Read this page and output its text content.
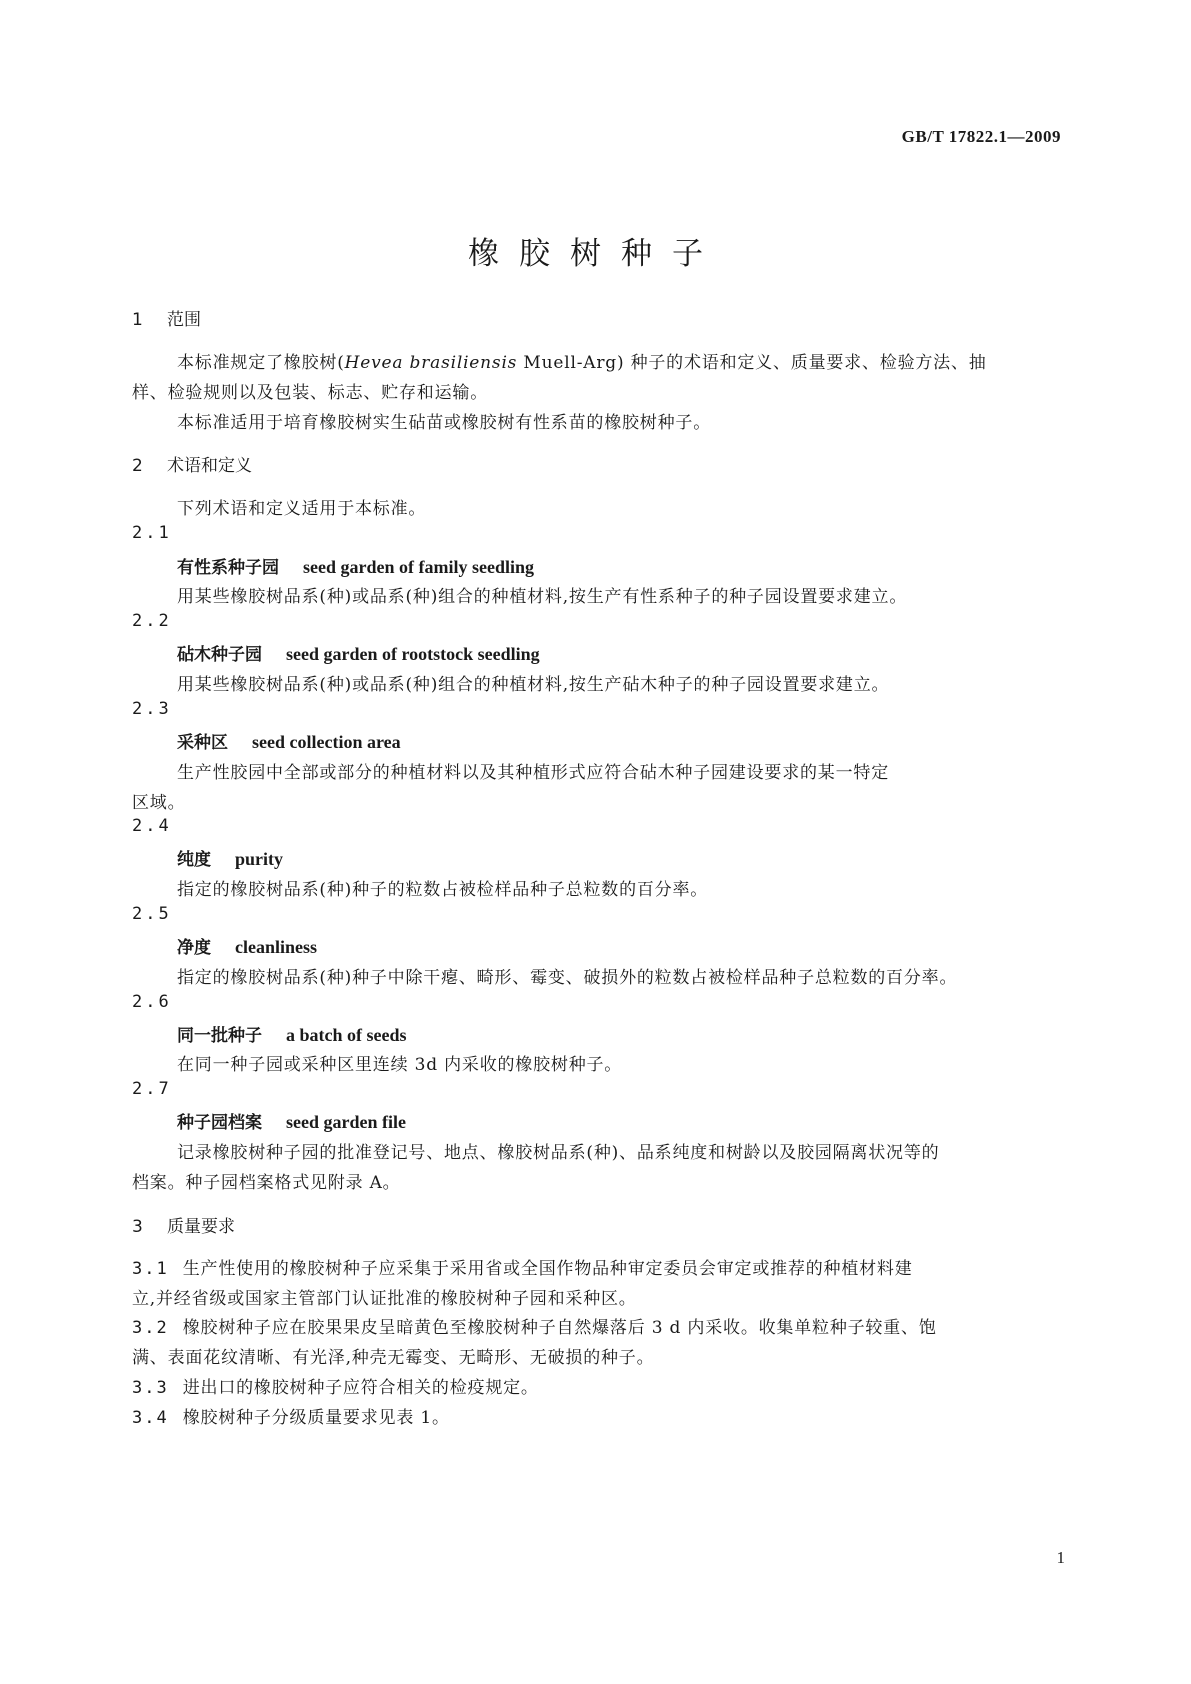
GB/T 17822.1—2009
橡胶树种子
1 范围
本标准规定了橡胶树(Hevea brasiliensis Muell-Arg) 种子的术语和定义、质量要求、检验方法、抽
样、检验规则以及包装、标志、贮存和运输。
本标准适用于培育橡胶树实生砧苗或橡胶树有性系苗的橡胶树种子。
2 术语和定义
下列术语和定义适用于本标准。
2.1
有性系种子园 seed garden of family seedling
用某些橡胶树品系(种)或品系(种)组合的种植材料,按生产有性系种子的种子园设置要求建立。
2.2
砧木种子园 seed garden of rootstock seedling
用某些橡胶树品系(种)或品系(种)组合的种植材料,按生产砧木种子的种子园设置要求建立。
2.3
采种区 seed collection area
生产性胶园中全部或部分的种植材料以及其种植形式应符合砧木种子园建设要求的某一特定
区域。
2.4
纯度 purity
指定的橡胶树品系(种)种子的粒数占被检样品种子总粒数的百分率。
2.5
净度 cleanliness
指定的橡胶树品系(种)种子中除干瘪、畸形、霉变、破损外的粒数占被检样品种子总粒数的百分率。
2.6
同一批种子 a batch of seeds
在同一种子园或采种区里连续 3d 内采收的橡胶树种子。
2.7
种子园档案 seed garden file
记录橡胶树种子园的批准登记号、地点、橡胶树品系(种)、品系纯度和树龄以及胶园隔离状况等的
档案。种子园档案格式见附录 A。
3 质量要求
3.1 生产性使用的橡胶树种子应采集于采用省或全国作物品种审定委员会审定或推荐的种植材料建
立,并经省级或国家主管部门认证批准的橡胶树种子园和采种区。
3.2 橡胶树种子应在胶果果皮呈暗黄色至橡胶树种子自然爆落后 3 d 内采收。收集单粒种子较重、饱
满、表面花纹清晰、有光泽,种壳无霉变、无畸形、无破损的种子。
3.3 进出口的橡胶树种子应符合相关的检疫规定。
3.4 橡胶树种子分级质量要求见表 1。
1
